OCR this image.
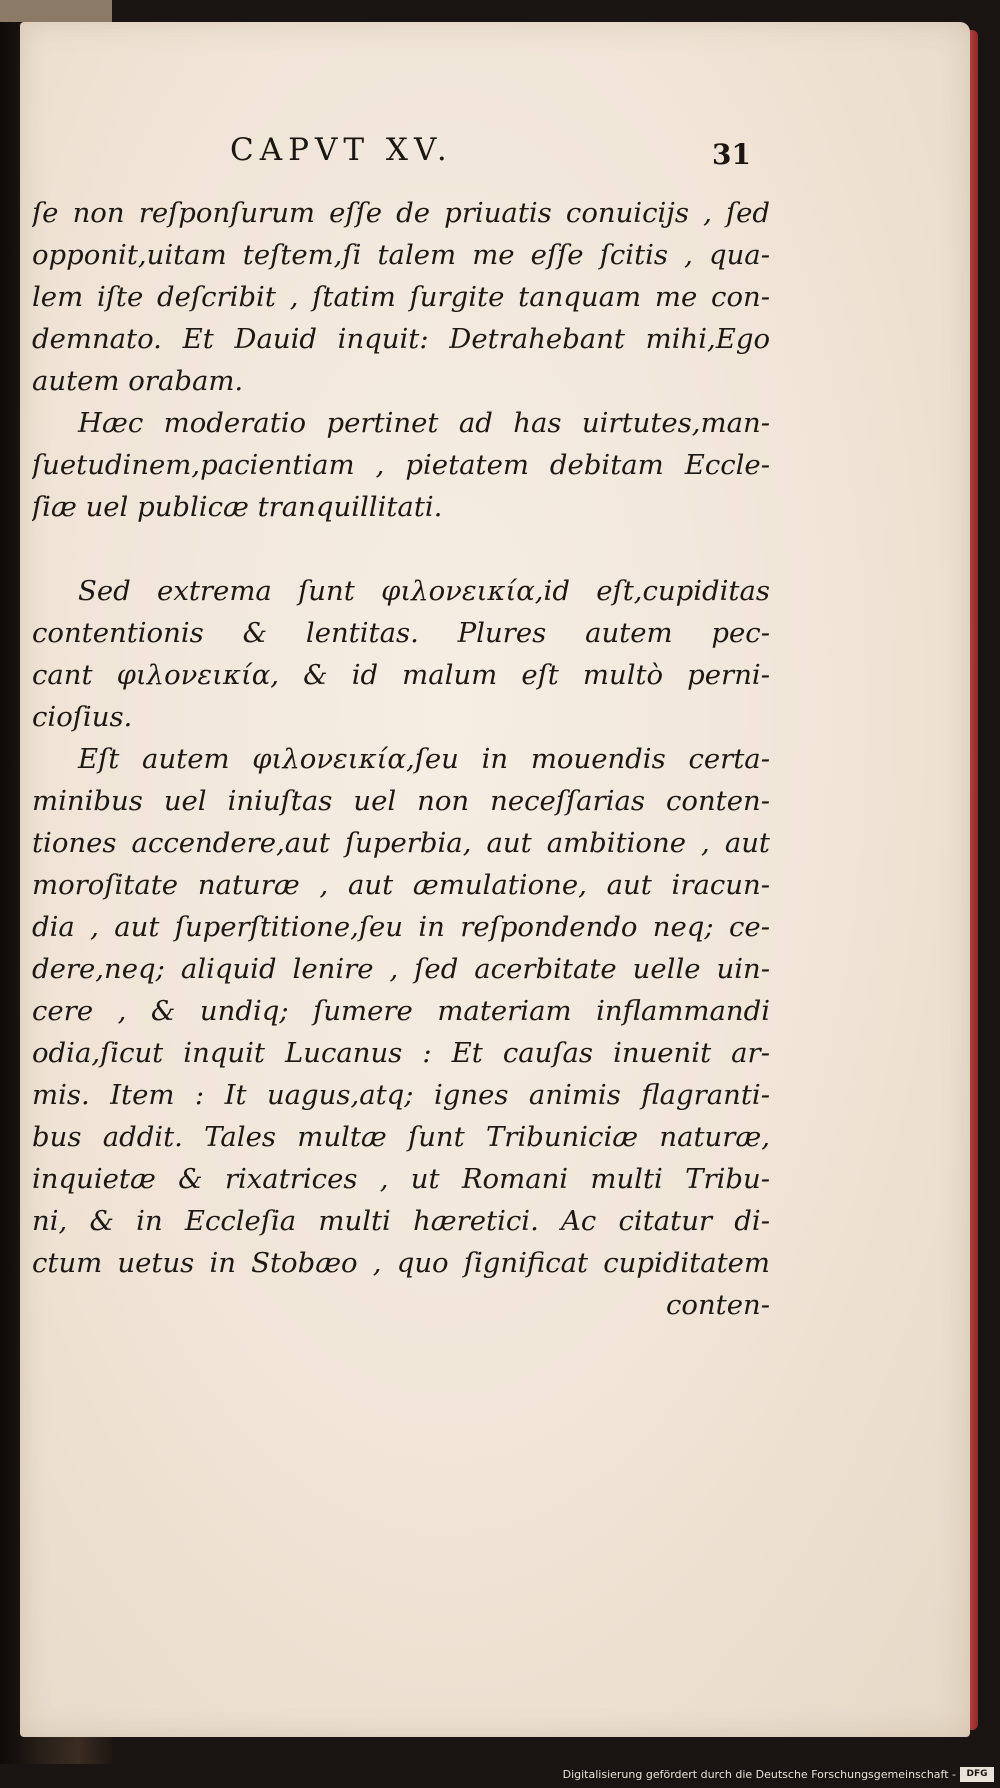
CAPVT XV.	31
ſe non reſponſurum eſſe de priuatis conuicijs , ſed
opponit,uitam teſtem,ſi talem me eſſe ſcitis , qua-
lem iſte deſcribit , ſtatim ſurgite tanquam me con-
demnato. Et Dauid inquit: Detrahebant mihi,Ego
autem orabam.
Hæc moderatio pertinet ad has uirtutes,man-
ſuetudinem,pacientiam , pietatem debitam Eccle-
ſiæ uel publicæ tranquillitati.
Sed extrema ſunt φιλονεικία,id eſt,cupiditas
contentionis & lentitas. Plures autem pec-
cant φιλονεικία, & id malum eſt multò perni-
cioſius.
Eſt autem φιλονεικία,ſeu in mouendis certa-
minibus uel iniuſtas uel non neceſſarias conten-
tiones accendere,aut ſuperbia, aut ambitione , aut
moroſitate naturæ , aut æmulatione, aut iracun-
dia , aut ſuperſtitione,ſeu in reſpondendo neq; ce-
dere,neq; aliquid lenire , ſed acerbitate uelle uin-
cere , & undiq; ſumere materiam inflammandi
odia,ſicut inquit Lucanus : Et cauſas inuenit ar-
mis. Item : It uagus,atq; ignes animis flagranti-
bus addit. Tales multæ ſunt Tribuniciæ naturæ,
inquietæ & rixatrices , ut Romani multi Tribu-
ni, & in Eccleſia multi hæretici. Ac citatur di-
ctum uetus in Stobæo , quo ſignificat cupiditatem
conten-
Digitalisierung gefördert durch die Deutsche Forschungsgemeinschaft -	DFG
